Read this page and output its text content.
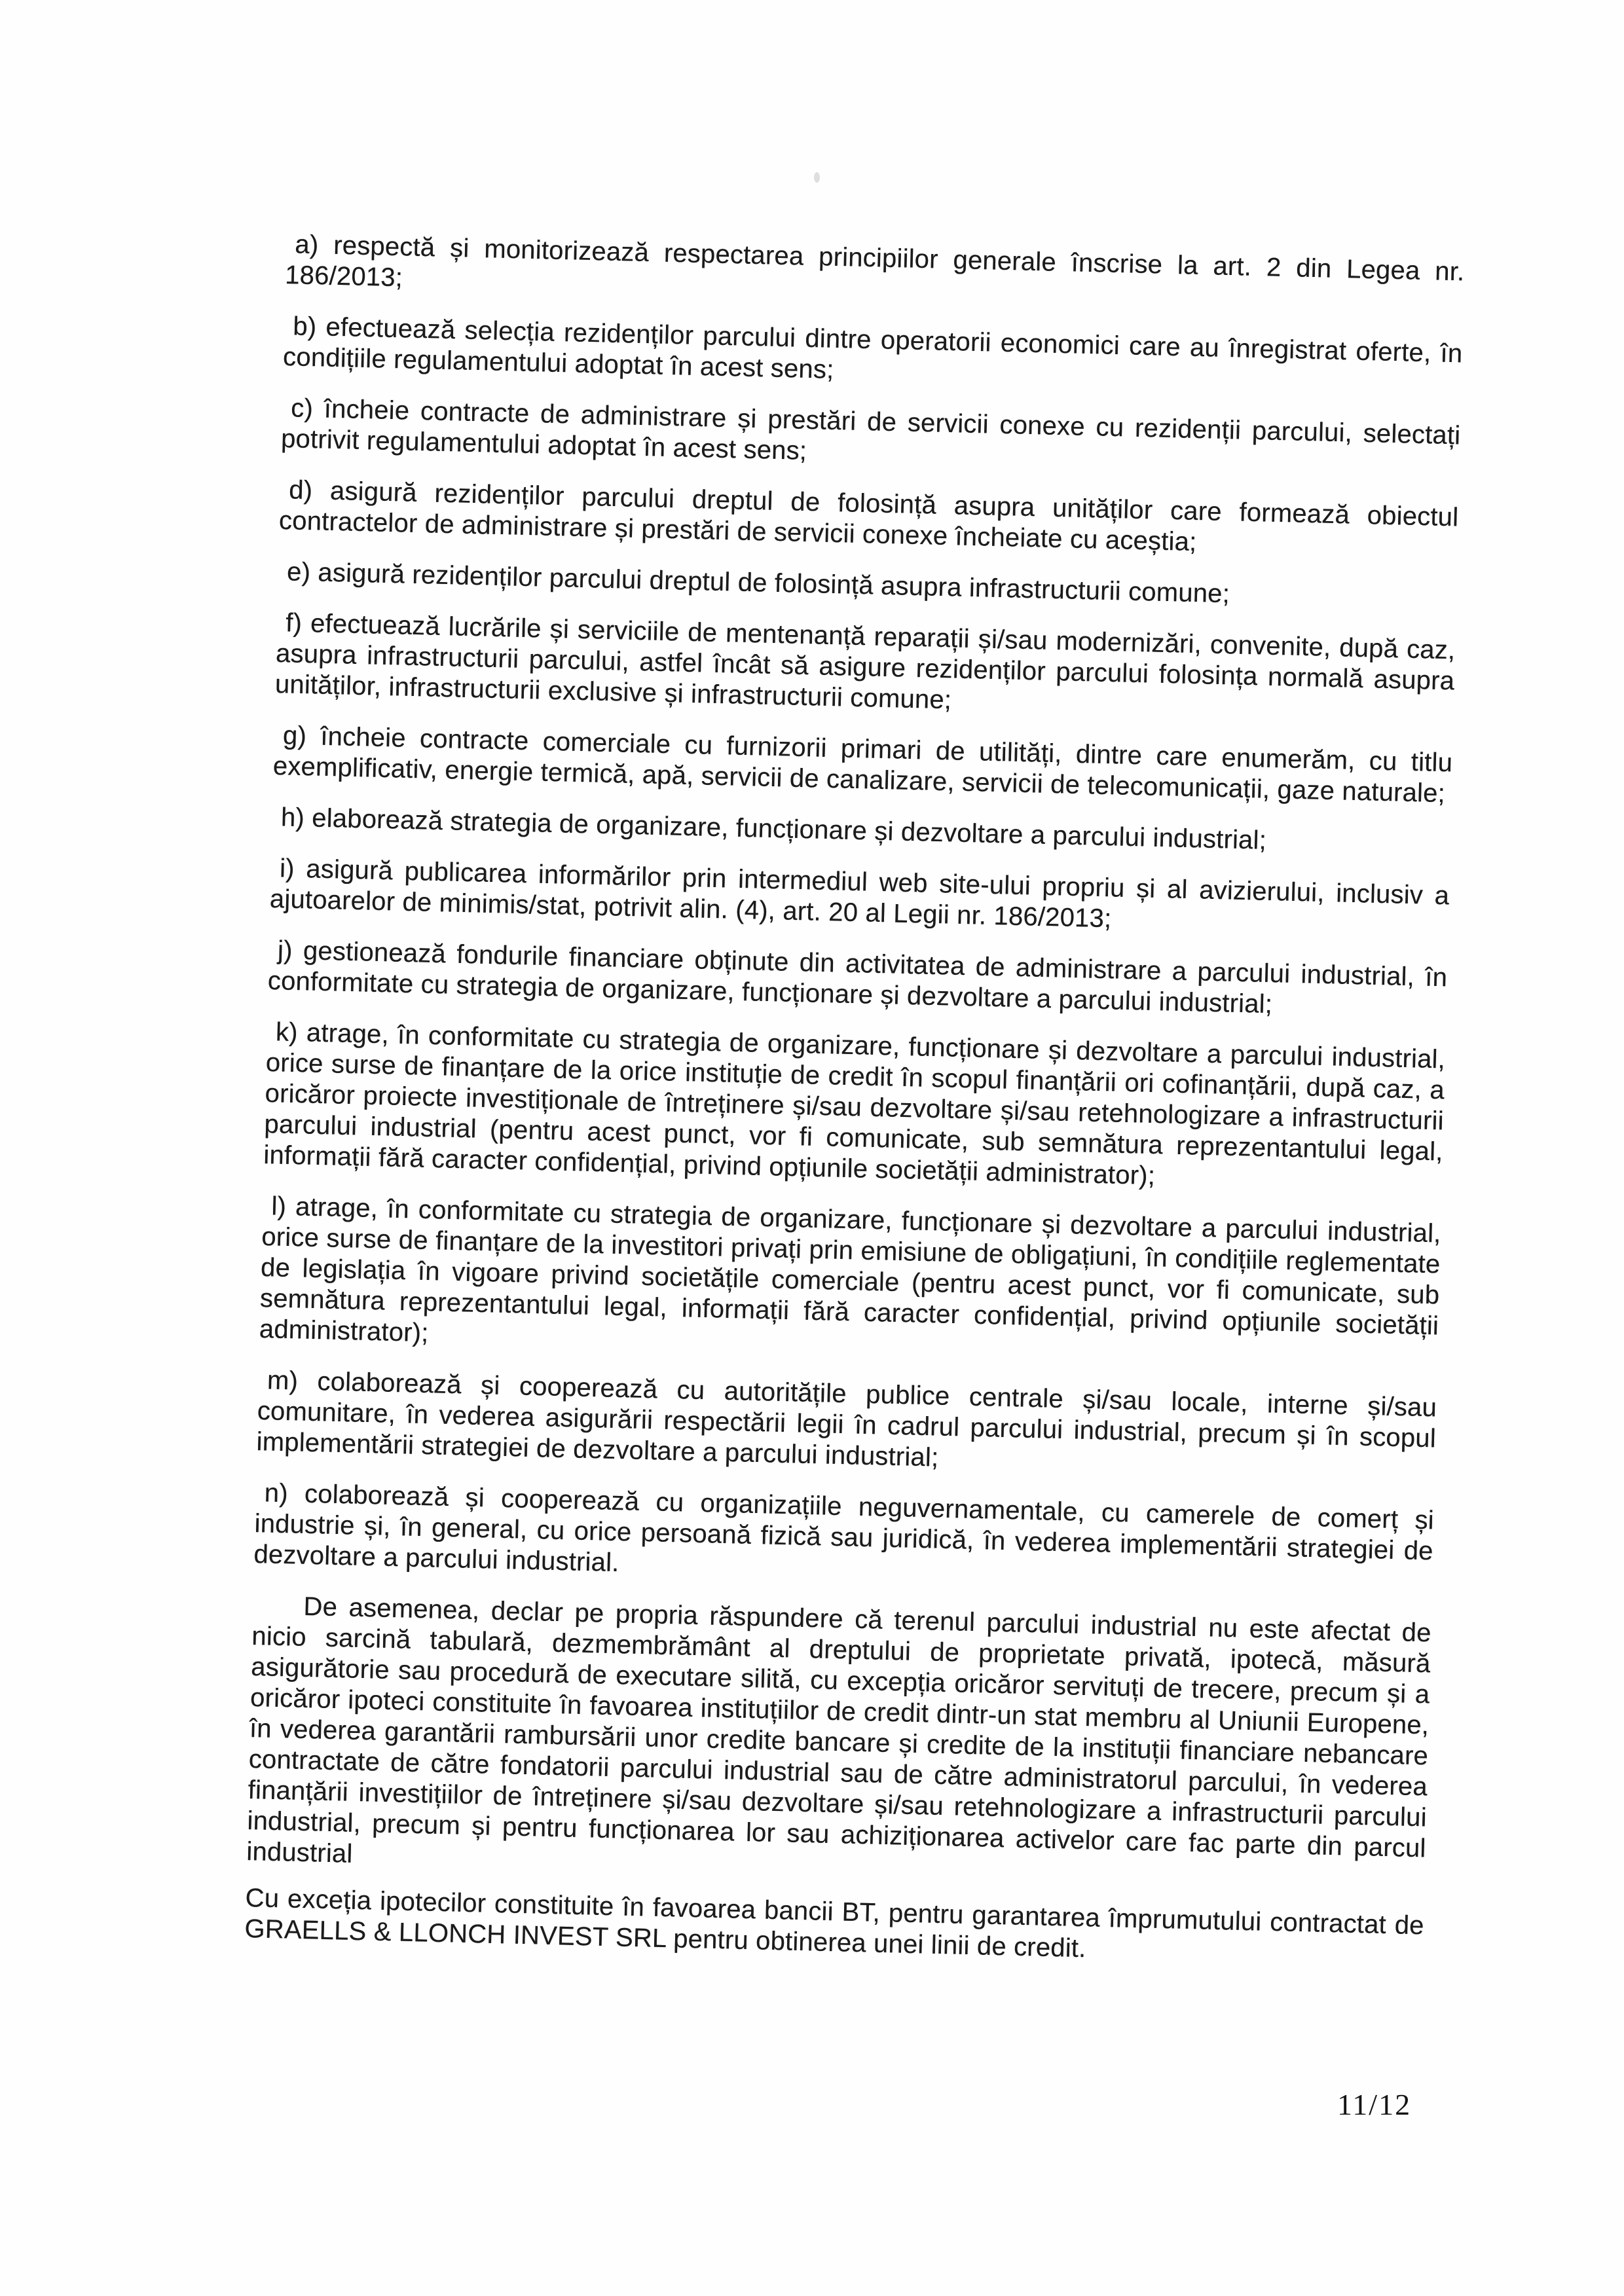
a) respectă și monitorizează respectarea principiilor generale înscrise la art. 2 din Legea nr. 186/2013;

b) efectuează selecția rezidenților parcului dintre operatorii economici care au înregistrat oferte, în condițiile regulamentului adoptat în acest sens;

c) încheie contracte de administrare și prestări de servicii conexe cu rezidenții parcului, selectați potrivit regulamentului adoptat în acest sens;

d) asigură rezidenților parcului dreptul de folosință asupra unităților care formează obiectul contractelor de administrare și prestări de servicii conexe încheiate cu aceștia;

e) asigură rezidenților parcului dreptul de folosință asupra infrastructurii comune;

f) efectuează lucrările și serviciile de mentenanță reparații și/sau modernizări, convenite, după caz, asupra infrastructurii parcului, astfel încât să asigure rezidenților parcului folosința normală asupra unităților, infrastructurii exclusive și infrastructurii comune;

g) încheie contracte comerciale cu furnizorii primari de utilități, dintre care enumerăm, cu titlu exemplificativ, energie termică, apă, servicii de canalizare, servicii de telecomunicații, gaze naturale;

h) elaborează strategia de organizare, funcționare și dezvoltare a parcului industrial;

i) asigură publicarea informărilor prin intermediul web site-ului propriu și al avizierului, inclusiv a ajutoarelor de minimis/stat, potrivit alin. (4), art. 20 al Legii nr. 186/2013;

j) gestionează fondurile financiare obținute din activitatea de administrare a parcului industrial, în conformitate cu strategia de organizare, funcționare și dezvoltare a parcului industrial;

k) atrage, în conformitate cu strategia de organizare, funcționare și dezvoltare a parcului industrial, orice surse de finanțare de la orice instituție de credit în scopul finanțării ori cofinanțării, după caz, a oricăror proiecte investiționale de întreținere și/sau dezvoltare și/sau retehnologizare a infrastructurii parcului industrial (pentru acest punct, vor fi comunicate, sub semnătura reprezentantului legal, informații fără caracter confidențial, privind opțiunile societății administrator);

l) atrage, în conformitate cu strategia de organizare, funcționare și dezvoltare a parcului industrial, orice surse de finanțare de la investitori privați prin emisiune de obligațiuni, în condițiile reglementate de legislația în vigoare privind societățile comerciale (pentru acest punct, vor fi comunicate, sub semnătura reprezentantului legal, informații fără caracter confidențial, privind opțiunile societății administrator);

m) colaborează și cooperează cu autoritățile publice centrale și/sau locale, interne și/sau comunitare, în vederea asigurării respectării legii în cadrul parcului industrial, precum și în scopul implementării strategiei de dezvoltare a parcului industrial;

n) colaborează și cooperează cu organizațiile neguvernamentale, cu camerele de comerț și industrie și, în general, cu orice persoană fizică sau juridică, în vederea implementării strategiei de dezvoltare a parcului industrial.

De asemenea, declar pe propria răspundere că terenul parcului industrial nu este afectat de nicio sarcină tabulară, dezmembrământ al dreptului de proprietate privată, ipotecă, măsură asigurătorie sau procedură de executare silită, cu excepția oricăror servituți de trecere, precum și a oricăror ipoteci constituite în favoarea instituțiilor de credit dintr-un stat membru al Uniunii Europene, în vederea garantării rambursării unor credite bancare și credite de la instituții financiare nebancare contractate de către fondatorii parcului industrial sau de către administratorul parcului, în vederea finanțării investițiilor de întreținere și/sau dezvoltare și/sau retehnologizare a infrastructurii parcului industrial, precum și pentru funcționarea lor sau achiziționarea activelor care fac parte din parcul industrial

Cu exceția ipotecilor constituite în favoarea bancii BT, pentru garantarea împrumutului contractat de GRAELLS & LLONCH INVEST SRL pentru obtinerea unei linii de credit.

11/12
